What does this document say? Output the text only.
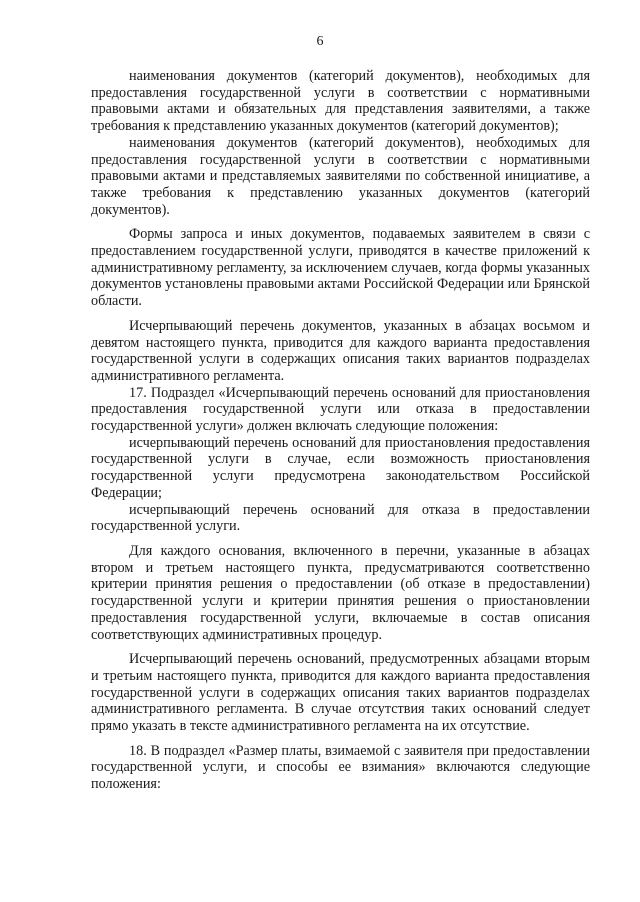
6

наименования документов (категорий документов), необходимых для предоставления государственной услуги в соответствии с нормативными правовыми актами и обязательных для представления заявителями, а также требования к представлению указанных документов (категорий документов);

наименования документов (категорий документов), необходимых для предоставления государственной услуги в соответствии с нормативными правовыми актами и представляемых заявителями по собственной инициативе, а также требования к представлению указанных документов (категорий документов).

Формы запроса и иных документов, подаваемых заявителем в связи с предоставлением государственной услуги, приводятся в качестве приложений к административному регламенту, за исключением случаев, когда формы указанных документов установлены правовыми актами Российской Федерации или Брянской области.

Исчерпывающий перечень документов, указанных в абзацах восьмом и девятом настоящего пункта, приводится для каждого варианта предоставления государственной услуги в содержащих описания таких вариантов подразделах административного регламента.

17. Подраздел «Исчерпывающий перечень оснований для приостановления предоставления государственной услуги или отказа в предоставлении государственной услуги» должен включать следующие положения:

исчерпывающий перечень оснований для приостановления предоставления государственной услуги в случае, если возможность приостановления государственной услуги предусмотрена законодательством Российской Федерации;

исчерпывающий перечень оснований для отказа в предоставлении государственной услуги.

Для каждого основания, включенного в перечни, указанные в абзацах втором и третьем настоящего пункта, предусматриваются соответственно критерии принятия решения о предоставлении (об отказе в предоставлении) государственной услуги и критерии принятия решения о приостановлении предоставления государственной услуги, включаемые в состав описания соответствующих административных процедур.

Исчерпывающий перечень оснований, предусмотренных абзацами вторым и третьим настоящего пункта, приводится для каждого варианта предоставления государственной услуги в содержащих описания таких вариантов подразделах административного регламента. В случае отсутствия таких оснований следует прямо указать в тексте административного регламента на их отсутствие.

18. В подраздел «Размер платы, взимаемой с заявителя при предоставлении государственной услуги, и способы ее взимания» включаются следующие положения:
